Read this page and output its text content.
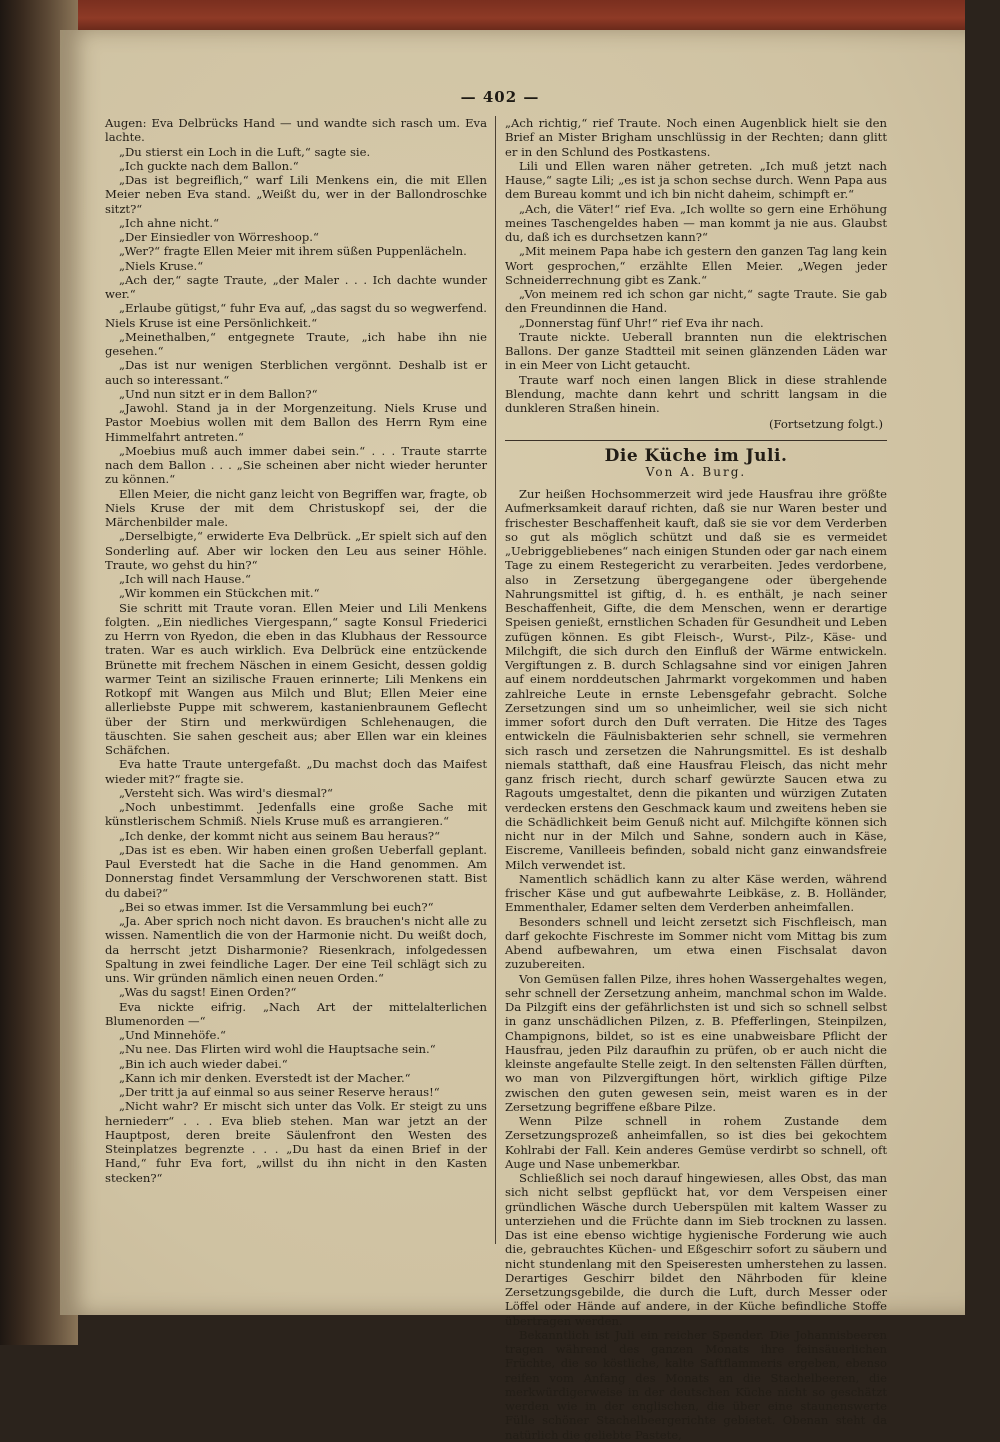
— 402 —

Augen: Eva Delbrücks Hand — und wandte sich rasch um. Eva lachte.

„Du stierst ein Loch in die Luft,“ sagte sie.

„Ich guckte nach dem Ballon.“

„Das ist begreiflich,“ warf Lili Menkens ein, die mit Ellen Meier neben Eva stand. „Weißt du, wer in der Ballondroschke sitzt?“

„Ich ahne nicht.“

„Der Einsiedler von Wörreshoop.“

„Wer?“ fragte Ellen Meier mit ihrem süßen Puppenlächeln.

„Niels Kruse.“

„Ach der,“ sagte Traute, „der Maler . . . Ich dachte wunder wer.“

„Erlaube gütigst,“ fuhr Eva auf, „das sagst du so wegwerfend. Niels Kruse ist eine Persönlichkeit.“

„Meinethalben,“ entgegnete Traute, „ich habe ihn nie gesehen.“

„Das ist nur wenigen Sterblichen vergönnt. Deshalb ist er auch so interessant.“

„Und nun sitzt er in dem Ballon?“

„Jawohl. Stand ja in der Morgenzeitung. Niels Kruse und Pastor Moebius wollen mit dem Ballon des Herrn Rym eine Himmelfahrt antreten.“

„Moebius muß auch immer dabei sein.“ . . . Traute starrte nach dem Ballon . . . „Sie scheinen aber nicht wieder herunter zu können.“

Ellen Meier, die nicht ganz leicht von Begriffen war, fragte, ob Niels Kruse der mit dem Christuskopf sei, der die Märchenbilder male.

„Derselbigte,“ erwiderte Eva Delbrück. „Er spielt sich auf den Sonderling auf. Aber wir locken den Leu aus seiner Höhle. Traute, wo gehst du hin?“

„Ich will nach Hause.“

„Wir kommen ein Stückchen mit.“

Sie schritt mit Traute voran. Ellen Meier und Lili Menkens folgten. „Ein niedliches Viergespann,“ sagte Konsul Friederici zu Herrn von Ryedon, die eben in das Klubhaus der Ressource traten. War es auch wirklich. Eva Delbrück eine entzückende Brünette mit frechem Näschen in einem Gesicht, dessen goldig warmer Teint an sizilische Frauen erinnerte; Lili Menkens ein Rotkopf mit Wangen aus Milch und Blut; Ellen Meier eine allerliebste Puppe mit schwerem, kastanienbraunem Geflecht über der Stirn und merkwürdigen Schlehenaugen, die täuschten. Sie sahen gescheit aus; aber Ellen war ein kleines Schäfchen.

Eva hatte Traute untergefaßt. „Du machst doch das Maifest wieder mit?“ fragte sie.

„Versteht sich. Was wird's diesmal?“

„Noch unbestimmt. Jedenfalls eine große Sache mit künstlerischem Schmiß. Niels Kruse muß es arrangieren.“

„Ich denke, der kommt nicht aus seinem Bau heraus?“

„Das ist es eben. Wir haben einen großen Ueberfall geplant. Paul Everstedt hat die Sache in die Hand genommen. Am Donnerstag findet Versammlung der Verschworenen statt. Bist du dabei?“

„Bei so etwas immer. Ist die Versammlung bei euch?“

„Ja. Aber sprich noch nicht davon. Es brauchen's nicht alle zu wissen. Namentlich die von der Harmonie nicht. Du weißt doch, da herrscht jetzt Disharmonie? Riesenkrach, infolgedessen Spaltung in zwei feindliche Lager. Der eine Teil schlägt sich zu uns. Wir gründen nämlich einen neuen Orden.“

„Was du sagst! Einen Orden?“

Eva nickte eifrig. „Nach Art der mittelalterlichen Blumenorden —“

„Und Minnehöfe.“

„Nu nee. Das Flirten wird wohl die Hauptsache sein.“

„Bin ich auch wieder dabei.“

„Kann ich mir denken. Everstedt ist der Macher.“

„Der tritt ja auf einmal so aus seiner Reserve heraus!“

„Nicht wahr? Er mischt sich unter das Volk. Er steigt zu uns herniederr“ . . . Eva blieb stehen. Man war jetzt an der Hauptpost, deren breite Säulenfront den Westen des Steinplatzes begrenzte . . . „Du hast da einen Brief in der Hand,“ fuhr Eva fort, „willst du ihn nicht in den Kasten stecken?“

„Ach richtig,“ rief Traute. Noch einen Augenblick hielt sie den Brief an Mister Brigham unschlüssig in der Rechten; dann glitt er in den Schlund des Postkastens.

Lili und Ellen waren näher getreten. „Ich muß jetzt nach Hause,“ sagte Lili; „es ist ja schon sechse durch. Wenn Papa aus dem Bureau kommt und ich bin nicht daheim, schimpft er.“

„Ach, die Väter!“ rief Eva. „Ich wollte so gern eine Erhöhung meines Taschengeldes haben — man kommt ja nie aus. Glaubst du, daß ich es durchsetzen kann?“

„Mit meinem Papa habe ich gestern den ganzen Tag lang kein Wort gesprochen,“ erzählte Ellen Meier. „Wegen jeder Schneiderrechnung gibt es Zank.“

„Von meinem red ich schon gar nicht,“ sagte Traute. Sie gab den Freundinnen die Hand.

„Donnerstag fünf Uhr!“ rief Eva ihr nach.

Traute nickte. Ueberall brannten nun die elektrischen Ballons. Der ganze Stadtteil mit seinen glänzenden Läden war in ein Meer von Licht getaucht.

Traute warf noch einen langen Blick in diese strahlende Blendung, machte dann kehrt und schritt langsam in die dunkleren Straßen hinein.

(Fortsetzung folgt.)
Die Küche im Juli.
Von A. Burg.

Zur heißen Hochsommerzeit wird jede Hausfrau ihre größte Aufmerksamkeit darauf richten, daß sie nur Waren bester und frischester Beschaffenheit kauft, daß sie sie vor dem Verderben so gut als möglich schützt und daß sie es vermeidet „Uebriggebliebenes“ nach einigen Stunden oder gar nach einem Tage zu einem Restegericht zu verarbeiten. Jedes verdorbene, also in Zersetzung übergegangene oder übergehende Nahrungsmittel ist giftig, d. h. es enthält, je nach seiner Beschaffenheit, Gifte, die dem Menschen, wenn er derartige Speisen genießt, ernstlichen Schaden für Gesundheit und Leben zufügen können. Es gibt Fleisch-, Wurst-, Pilz-, Käse- und Milchgift, die sich durch den Einfluß der Wärme entwickeln. Vergiftungen z. B. durch Schlagsahne sind vor einigen Jahren auf einem norddeutschen Jahrmarkt vorgekommen und haben zahlreiche Leute in ernste Lebensgefahr gebracht. Solche Zersetzungen sind um so unheimlicher, weil sie sich nicht immer sofort durch den Duft verraten. Die Hitze des Tages entwickeln die Fäulnisbakterien sehr schnell, sie vermehren sich rasch und zersetzen die Nahrungsmittel. Es ist deshalb niemals statthaft, daß eine Hausfrau Fleisch, das nicht mehr ganz frisch riecht, durch scharf gewürzte Saucen etwa zu Ragouts umgestaltet, denn die pikanten und würzigen Zutaten verdecken erstens den Geschmack kaum und zweitens heben sie die Schädlichkeit beim Genuß nicht auf. Milchgifte können sich nicht nur in der Milch und Sahne, sondern auch in Käse, Eiscreme, Vanilleeis befinden, sobald nicht ganz einwandsfreie Milch verwendet ist.

Namentlich schädlich kann zu alter Käse werden, während frischer Käse und gut aufbewahrte Leibkäse, z. B. Holländer, Emmenthaler, Edamer selten dem Verderben anheimfallen.

Besonders schnell und leicht zersetzt sich Fischfleisch, man darf gekochte Fischreste im Sommer nicht vom Mittag bis zum Abend aufbewahren, um etwa einen Fischsalat davon zuzubereiten.

Von Gemüsen fallen Pilze, ihres hohen Wassergehaltes wegen, sehr schnell der Zersetzung anheim, manchmal schon im Walde. Da Pilzgift eins der gefährlichsten ist und sich so schnell selbst in ganz unschädlichen Pilzen, z. B. Pfefferlingen, Steinpilzen, Champignons, bildet, so ist es eine unabweisbare Pflicht der Hausfrau, jeden Pilz daraufhin zu prüfen, ob er auch nicht die kleinste angefaulte Stelle zeigt. In den seltensten Fällen dürften, wo man von Pilzvergiftungen hört, wirklich giftige Pilze zwischen den guten gewesen sein, meist waren es in der Zersetzung begriffene eßbare Pilze.

Wenn Pilze schnell in rohem Zustande dem Zersetzungsprozeß anheimfallen, so ist dies bei gekochtem Kohlrabi der Fall. Kein anderes Gemüse verdirbt so schnell, oft Auge und Nase unbemerkbar.

Schließlich sei noch darauf hingewiesen, alles Obst, das man sich nicht selbst gepflückt hat, vor dem Verspeisen einer gründlichen Wäsche durch Ueberspülen mit kaltem Wasser zu unterziehen und die Früchte dann im Sieb trocknen zu lassen. Das ist eine ebenso wichtige hygienische Forderung wie auch die, gebrauchtes Küchen- und Eßgeschirr sofort zu säubern und nicht stundenlang mit den Speiseresten umherstehen zu lassen. Derartiges Geschirr bildet den Nährboden für kleine Zersetzungsgebilde, die durch die Luft, durch Messer oder Löffel oder Hände auf andere, in der Küche befindliche Stoffe übertragen werden.

Bekanntlich ist Juli ein reicher Spender. Die Johannisbeeren tragen während des ganzen Monats ihre feinsäuerlichen Früchte, die so köstliche, kalte Saftflammeris ergeben, ebenso reifen vom Anfang des Monats an die Stachelbeeren, die merkwürdigerweise in der deutschen Küche nicht so geschätzt werden wie in der englischen, die über eine staunenswerte Fülle schöner Stachelbeergerichte gebietet. Obenan steht da natürlich die geliebte Pastete,
